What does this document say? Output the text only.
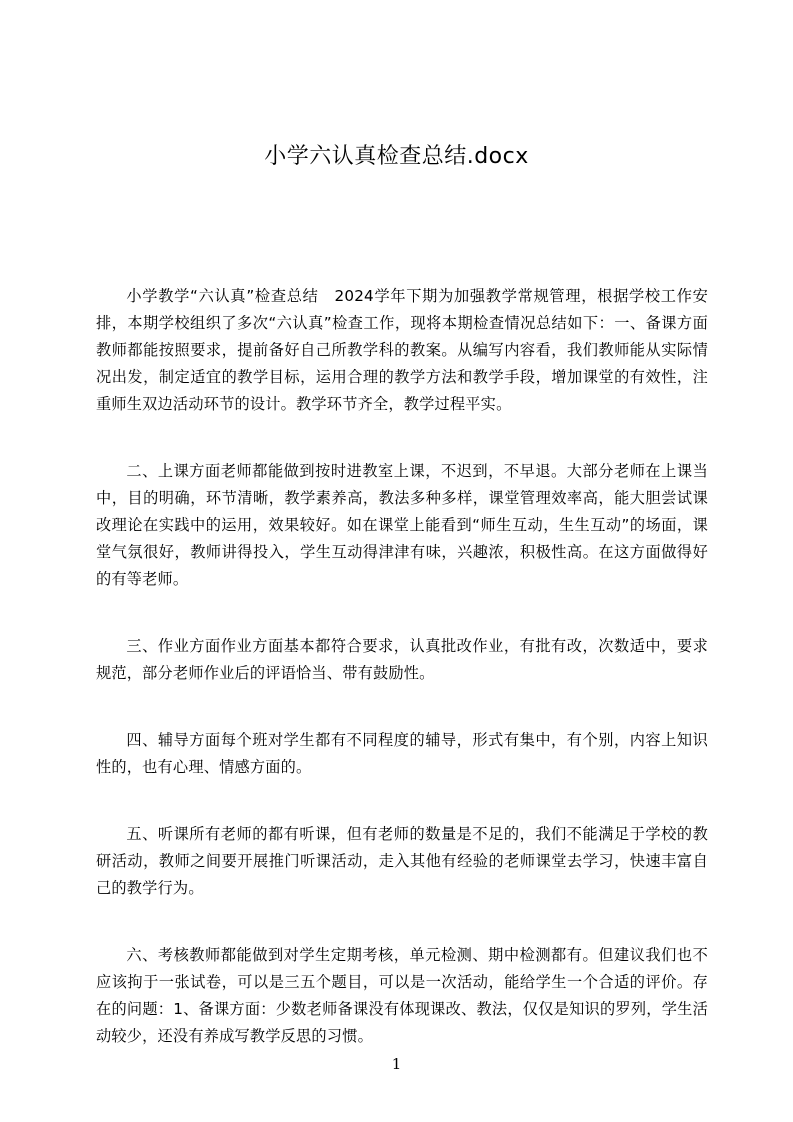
小学六认真检查总结.docx

小学教学“六认真”检查总结　2024学年下期为加强教学常规管理，根据学校工作安排，本期学校组织了多次“六认真”检查工作，现将本期检查情况总结如下：一、备课方面教师都能按照要求，提前备好自己所教学科的教案。从编写内容看，我们教师能从实际情况出发，制定适宜的教学目标，运用合理的教学方法和教学手段，增加课堂的有效性，注重师生双边活动环节的设计。教学环节齐全，教学过程平实。

二、上课方面老师都能做到按时进教室上课，不迟到，不早退。大部分老师在上课当中，目的明确，环节清晰，教学素养高，教法多种多样，课堂管理效率高，能大胆尝试课改理论在实践中的运用，效果较好。如在课堂上能看到“师生互动，生生互动”的场面，课堂气氛很好，教师讲得投入，学生互动得津津有味，兴趣浓，积极性高。在这方面做得好的有等老师。

三、作业方面作业方面基本都符合要求，认真批改作业，有批有改，次数适中，要求规范，部分老师作业后的评语恰当、带有鼓励性。

四、辅导方面每个班对学生都有不同程度的辅导，形式有集中，有个别，内容上知识性的，也有心理、情感方面的。

五、听课所有老师的都有听课，但有老师的数量是不足的，我们不能满足于学校的教研活动，教师之间要开展推门听课活动，走入其他有经验的老师课堂去学习，快速丰富自己的教学行为。

六、考核教师都能做到对学生定期考核，单元检测、期中检测都有。但建议我们也不应该拘于一张试卷，可以是三五个题目，可以是一次活动，能给学生一个合适的评价。存在的问题：1、备课方面：少数老师备课没有体现课改、教法，仅仅是知识的罗列，学生活动较少，还没有养成写教学反思的习惯。

1
